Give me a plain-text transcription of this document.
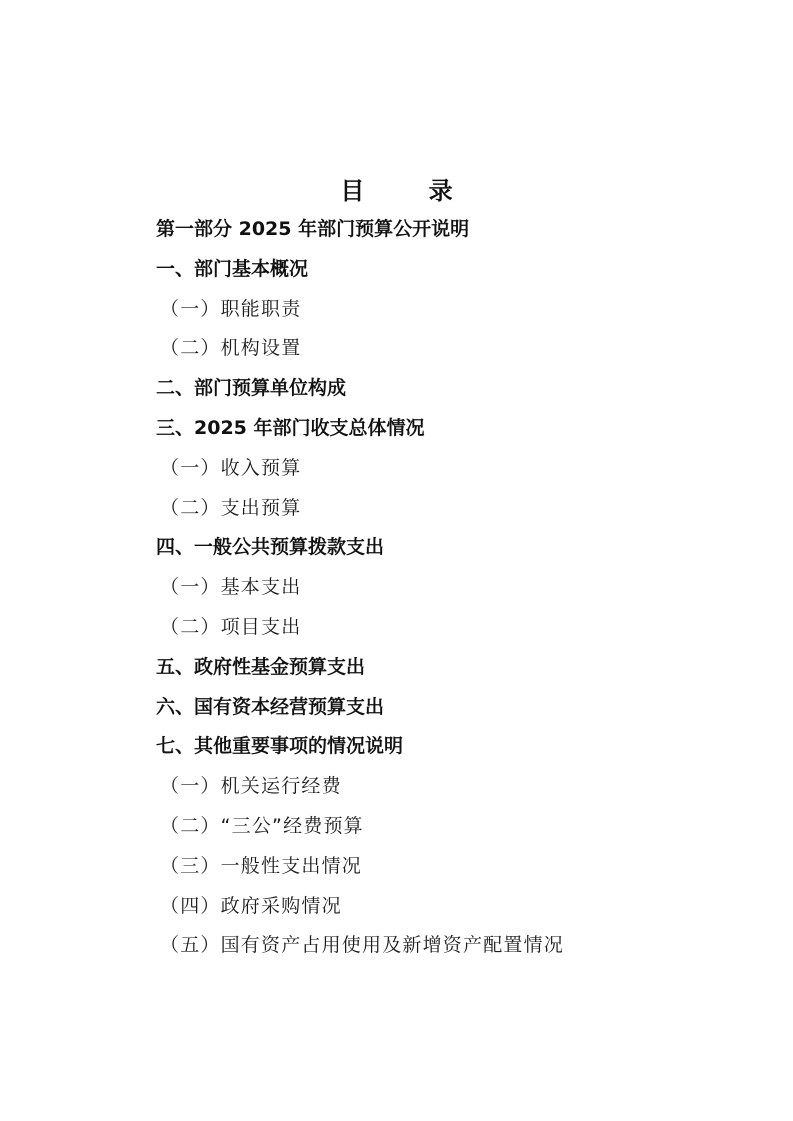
目 录
第一部分 2025 年部门预算公开说明
一、部门基本概况
（一）职能职责
（二）机构设置
二、部门预算单位构成
三、2025 年部门收支总体情况
（一）收入预算
（二）支出预算
四、一般公共预算拨款支出
（一）基本支出
（二）项目支出
五、政府性基金预算支出
六、国有资本经营预算支出
七、其他重要事项的情况说明
（一）机关运行经费
（二）“三公”经费预算
（三）一般性支出情况
（四）政府采购情况
（五）国有资产占用使用及新增资产配置情况
